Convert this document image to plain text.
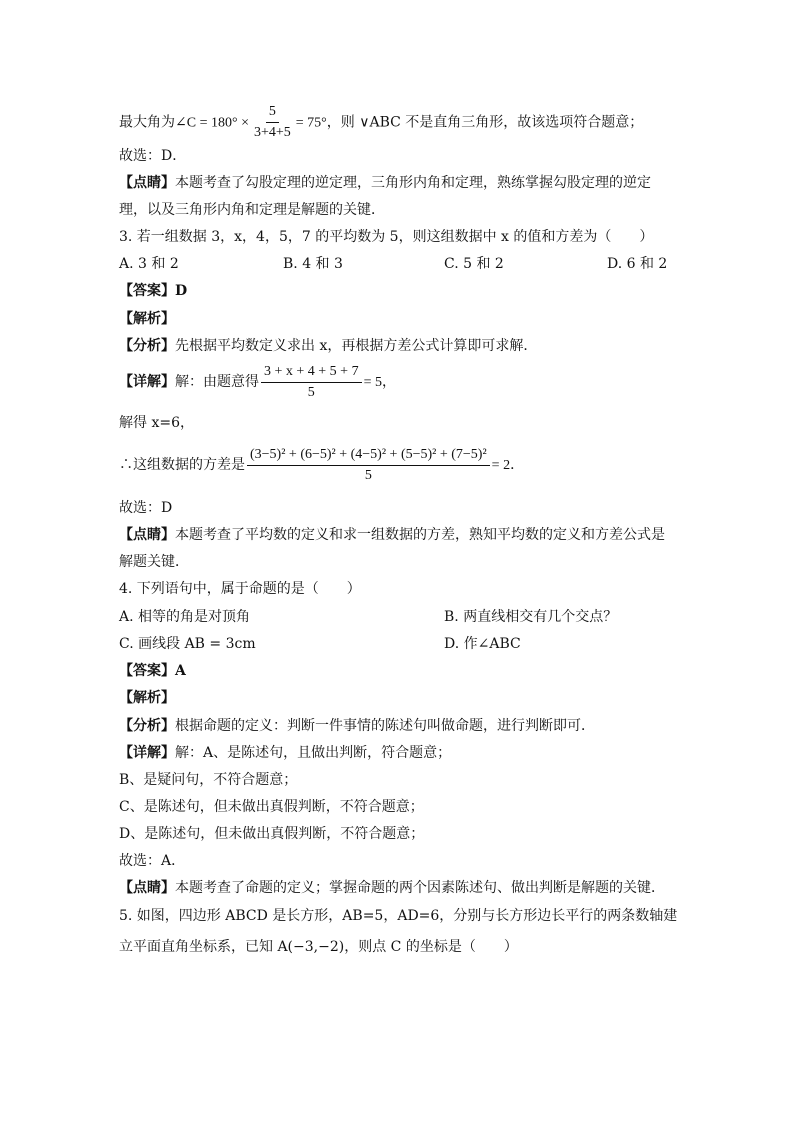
最大角为∠C = $180^\circ \times \frac{5}{3+4+5} = 75^\circ$，则 ∨ABC 不是直角三角形，故该选项符合题意；
故选：D．
【点睛】本题考查了勾股定理的逆定理，三角形内角和定理，熟练掌握勾股定理的逆定
理，以及三角形内角和定理是解题的关键．
3. 若一组数据 3，x，4，5，7 的平均数为 5，则这组数据中 x 的值和方差为（　　）
A. 3 和 2	B. 4 和 3	C. 5 和 2	D. 6 和 2
【答案】D
【解析】
【分析】先根据平均数定义求出 x，再根据方差公式计算即可求解．
【详解】解：由题意得 $\frac{3 + x + 4 + 5 + 7}{5} = 5$，
解得 x=6，
∴这组数据的方差是 $\frac{\text{(3−5)² + (6−5)² + (4−5)² + (5−5)² + (7−5)²}}{5} = 2$．
故选：D
【点睛】本题考查了平均数的定义和求一组数据的方差，熟知平均数的定义和方差公式是
解题关键．
4. 下列语句中，属于命题的是（　　）
A. 相等的角是对顶角	B. 两直线相交有几个交点？
C. 画线段 AB = 3cm	D. 作∠ABC
【答案】A
【解析】
【分析】根据命题的定义：判断一件事情的陈述句叫做命题，进行判断即可．
【详解】解：A、是陈述句，且做出判断，符合题意；
B、是疑问句，不符合题意；
C、是陈述句，但未做出真假判断，不符合题意；
D、是陈述句，但未做出真假判断，不符合题意；
故选：A．
【点睛】本题考查了命题的定义；掌握命题的两个因素陈述句、做出判断是解题的关键．
5. 如图，四边形 ABCD 是长方形，AB=5，AD=6，分别与长方形边长平行的两条数轴建
立平面直角坐标系，已知 A(−3,−2)，则点 C 的坐标是（　　）
